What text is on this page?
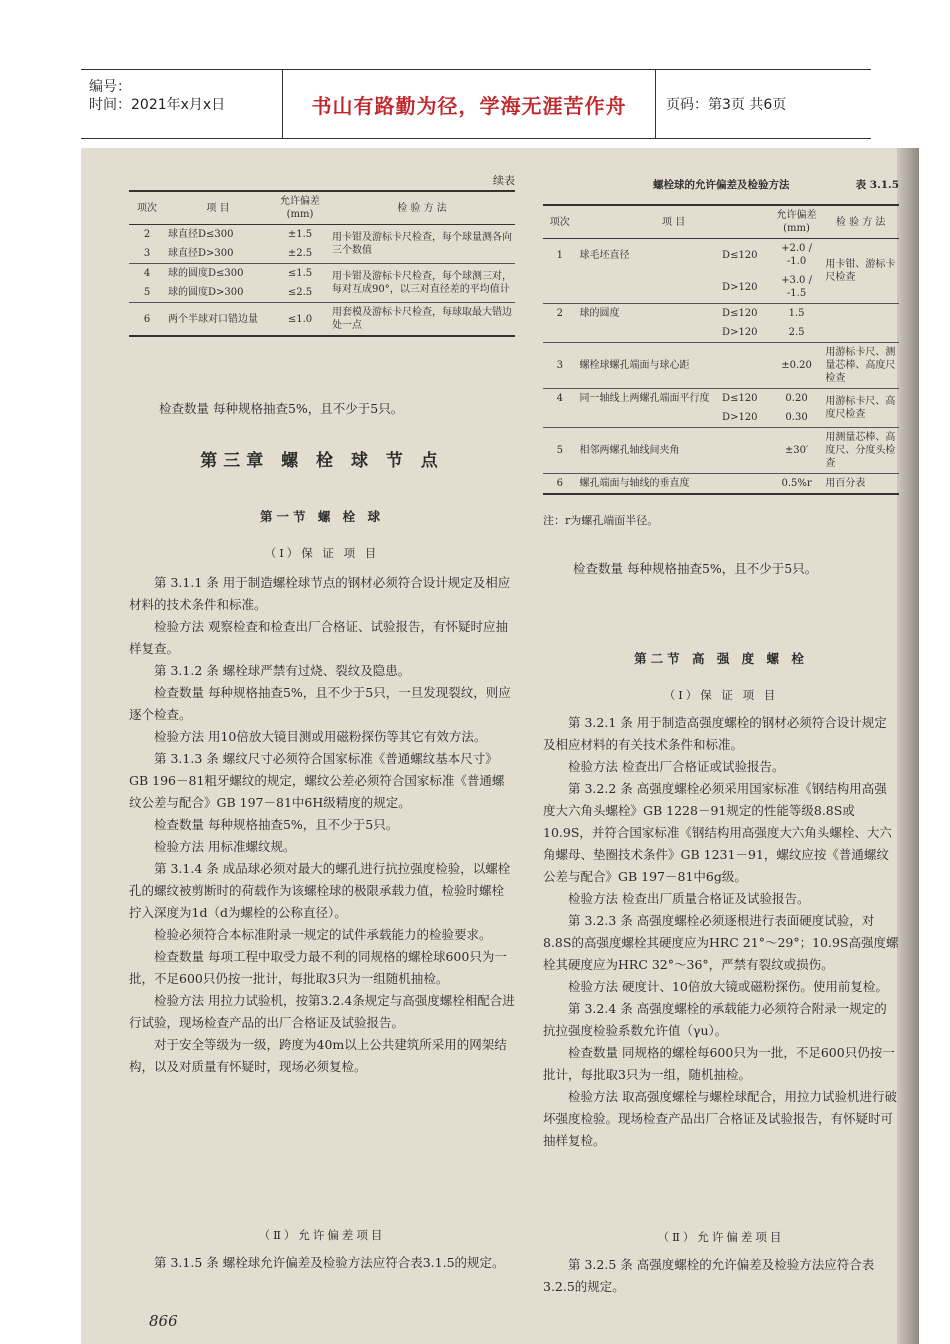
编号：
时间：2021年x月x日	书山有路勤为径，学海无涯苦作舟	页码：第3页 共6页
续表
项次	项 目	允许偏差 (mm)	检 验 方 法
2	球直径D≤300	±1.5	用卡钳及游标卡尺检查，每个球量测各向三个数值
3	球直径D>300	±2.5	
4	球的圆度D≤300	≤1.5	用卡钳及游标卡尺检查，每个球测三对，每对互成90°，以三对直径差的平均值计
5	球的圆度D>300	≤2.5	
6	两个半球对口错边量	≤1.0	用套模及游标卡尺检查，每球取最大错边处一点

检查数量 每种规格抽查5%，且不少于5只。

第三章 螺 栓 球 节 点
第一节 螺 栓 球
（Ⅰ）保 证 项 目

第 3.1.1 条 用于制造螺栓球节点的钢材必须符合设计规定及相应材料的技术条件和标准。

检验方法 观察检查和检查出厂合格证、试验报告，有怀疑时应抽样复查。

第 3.1.2 条 螺栓球严禁有过烧、裂纹及隐患。

检查数量 每种规格抽查5%，且不少于5只，一旦发现裂纹，则应逐个检查。

检验方法 用10倍放大镜目测或用磁粉探伤等其它有效方法。

第 3.1.3 条 螺纹尺寸必须符合国家标准《普通螺纹基本尺寸》GB 196－81粗牙螺纹的规定，螺纹公差必须符合国家标准《普通螺纹公差与配合》GB 197－81中6H级精度的规定。

检查数量 每种规格抽查5%，且不少于5只。

检验方法 用标准螺纹规。

第 3.1.4 条 成品球必须对最大的螺孔进行抗拉强度检验，以螺栓孔的螺纹被剪断时的荷载作为该螺栓球的极限承载力值，检验时螺栓拧入深度为1d（d为螺栓的公称直径）。

检验必须符合本标准附录一规定的试件承载能力的检验要求。

检查数量 每项工程中取受力最不利的同规格的螺栓球600只为一批，不足600只仍按一批计，每批取3只为一组随机抽检。

检验方法 用拉力试验机，按第3.2.4条规定与高强度螺栓相配合进行试验，现场检查产品的出厂合格证及试验报告。

对于安全等级为一级，跨度为40m以上公共建筑所采用的网架结构，以及对质量有怀疑时，现场必须复检。

（Ⅱ）允许偏差项目

第 3.1.5 条 螺栓球允许偏差及检验方法应符合表3.1.5的规定。

866
螺栓球的允许偏差及检验方法	表 3.1.5
项次	项 目		允许偏差 (mm)	检 验 方 法
1	球毛坯直径	D≤120	+2.0 / -1.0	用卡钳、游标卡尺检查
		D>120	+3.0 / -1.5	
2	球的圆度	D≤120	1.5	
		D>120	2.5	
3	螺栓球螺孔端面与球心距		±0.20	用游标卡尺、测量芯棒、高度尺检查
4	同一轴线上两螺孔端面平行度	D≤120	0.20	用游标卡尺、高度尺检查
		D>120	0.30	
5	相邻两螺孔轴线间夹角		±30′	用测量芯棒、高度尺、分度头检查
6	螺孔端面与轴线的垂直度		0.5%r	用百分表

注：r为螺孔端面半径。

检查数量 每种规格抽查5%，且不少于5只。

第二节 高 强 度 螺 栓
（Ⅰ）保 证 项 目

第 3.2.1 条 用于制造高强度螺栓的钢材必须符合设计规定及相应材料的有关技术条件和标准。

检验方法 检查出厂合格证或试验报告。

第 3.2.2 条 高强度螺栓必须采用国家标准《钢结构用高强度大六角头螺栓》GB 1228－91规定的性能等级8.8S或10.9S，并符合国家标准《钢结构用高强度大六角头螺栓、大六角螺母、垫圈技术条件》GB 1231－91，螺纹应按《普通螺纹公差与配合》GB 197－81中6g级。

检验方法 检查出厂质量合格证及试验报告。

第 3.2.3 条 高强度螺栓必须逐根进行表面硬度试验，对8.8S的高强度螺栓其硬度应为HRC 21°～29°；10.9S高强度螺栓其硬度应为HRC 32°～36°，严禁有裂纹或损伤。

检验方法 硬度计、10倍放大镜或磁粉探伤。使用前复检。

第 3.2.4 条 高强度螺栓的承载能力必须符合附录一规定的抗拉强度检验系数允许值（γu）。

检查数量 同规格的螺栓每600只为一批，不足600只仍按一批计，每批取3只为一组，随机抽检。

检验方法 取高强度螺栓与螺栓球配合，用拉力试验机进行破坏强度检验。现场检查产品出厂合格证及试验报告，有怀疑时可抽样复检。

（Ⅱ）允许偏差项目

第 3.2.5 条 高强度螺栓的允许偏差及检验方法应符合表3.2.5的规定。
